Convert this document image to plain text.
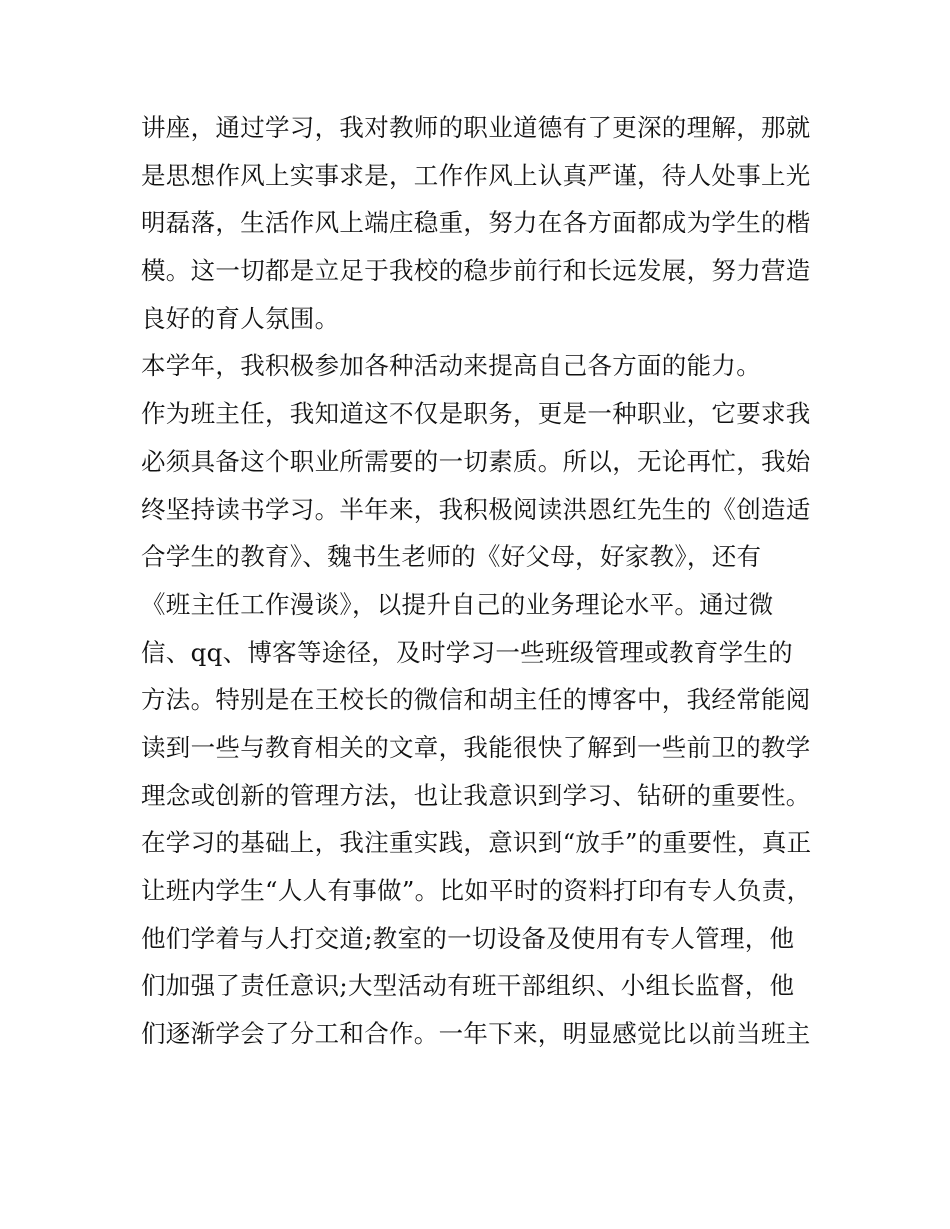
讲座，通过学习，我对教师的职业道德有了更深的理解，那就
是思想作风上实事求是，工作作风上认真严谨，待人处事上光
明磊落，生活作风上端庄稳重，努力在各方面都成为学生的楷
模。这一切都是立足于我校的稳步前行和长远发展，努力营造
良好的育人氛围。
本学年，我积极参加各种活动来提高自己各方面的能力。
作为班主任，我知道这不仅是职务，更是一种职业，它要求我
必须具备这个职业所需要的一切素质。所以，无论再忙，我始
终坚持读书学习。半年来，我积极阅读洪恩红先生的《创造适
合学生的教育》、魏书生老师的《好父母，好家教》，还有
《班主任工作漫谈》，以提升自己的业务理论水平。通过微
信、qq、博客等途径，及时学习一些班级管理或教育学生的
方法。特别是在王校长的微信和胡主任的博客中，我经常能阅
读到一些与教育相关的文章，我能很快了解到一些前卫的教学
理念或创新的管理方法，也让我意识到学习、钻研的重要性。
在学习的基础上，我注重实践，意识到“放手”的重要性，真正
让班内学生“人人有事做”。比如平时的资料打印有专人负责，
他们学着与人打交道;教室的一切设备及使用有专人管理，他
们加强了责任意识;大型活动有班干部组织、小组长监督，他
们逐渐学会了分工和合作。一年下来，明显感觉比以前当班主
